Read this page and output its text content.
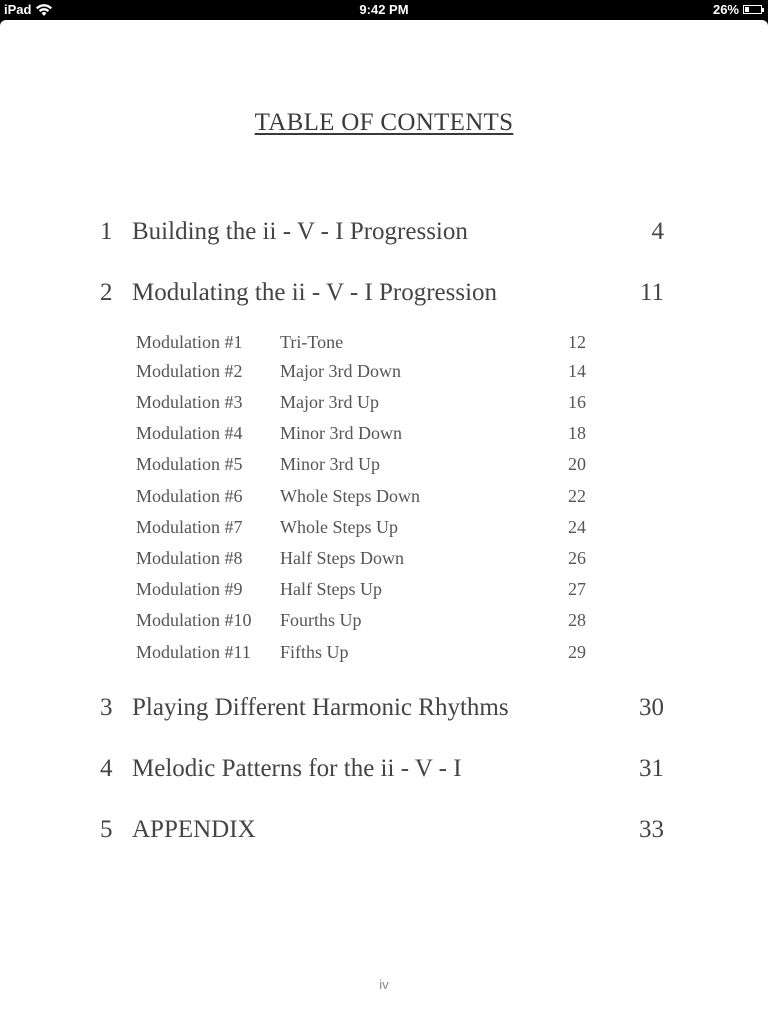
iPad	9:42 PM	26%
TABLE OF CONTENTS
1 Building the ii - V - I Progression	4
2 Modulating the ii - V - I Progression	11
Modulation #1 Tri-Tone	12
Modulation #2 Major 3rd Down	14
Modulation #3 Major 3rd Up	16
Modulation #4 Minor 3rd Down	18
Modulation #5 Minor 3rd Up	20
Modulation #6 Whole Steps Down	22
Modulation #7 Whole Steps Up	24
Modulation #8 Half Steps Down	26
Modulation #9 Half Steps Up	27
Modulation #10 Fourths Up	28
Modulation #11 Fifths Up	29
3 Playing Different Harmonic Rhythms	30
4 Melodic Patterns for the ii - V - I	31
5 APPENDIX	33
iv
